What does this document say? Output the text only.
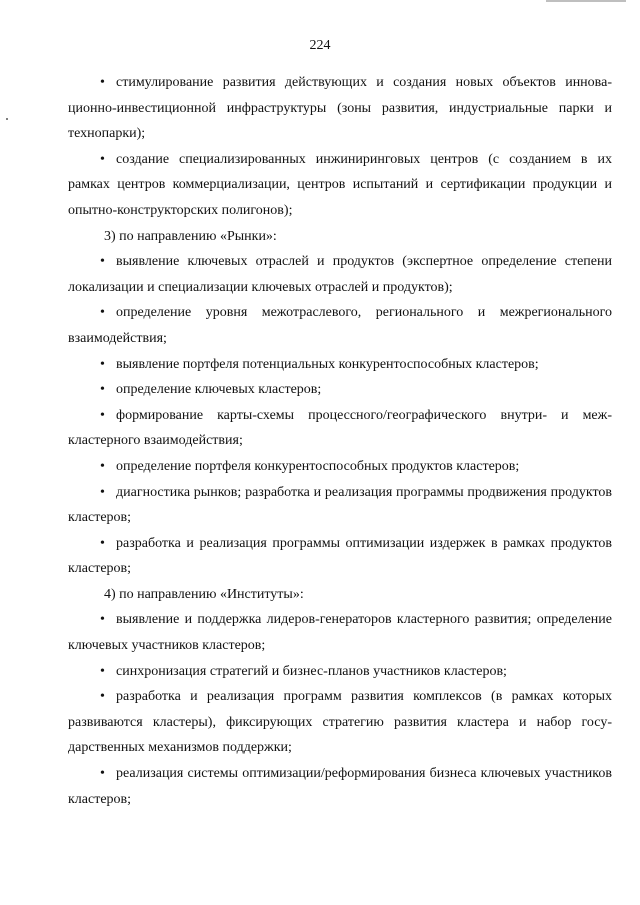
224

• стимулирование развития действующих и создания новых объектов инновационно-инвестиционной инфраструктуры (зоны развития, индустриальные парки и технопарки);

• создание специализированных инжиниринговых центров (с созданием в их рамках центров коммерциализации, центров испытаний и сертификации продукции и опытно-конструкторских полигонов);

3) по направлению «Рынки»:

• выявление ключевых отраслей и продуктов (экспертное определение степени локализации и специализации ключевых отраслей и продуктов);

• определение уровня межотраслевого, регионального и межрегионального взаимодействия;

• выявление портфеля потенциальных конкурентоспособных кластеров;

• определение ключевых кластеров;

• формирование карты-схемы процессного/географического внутри- и межкластерного взаимодействия;

• определение портфеля конкурентоспособных продуктов кластеров;

• диагностика рынков; разработка и реализация программы продвижения продуктов кластеров;

• разработка и реализация программы оптимизации издержек в рамках продуктов кластеров;

4) по направлению «Институты»:

• выявление и поддержка лидеров-генераторов кластерного развития; определение ключевых участников кластеров;

• синхронизация стратегий и бизнес-планов участников кластеров;

• разработка и реализация программ развития комплексов (в рамках которых развиваются кластеры), фиксирующих стратегию развития кластера и набор государственных механизмов поддержки;

• реализация системы оптимизации/реформирования бизнеса ключевых участников кластеров;
